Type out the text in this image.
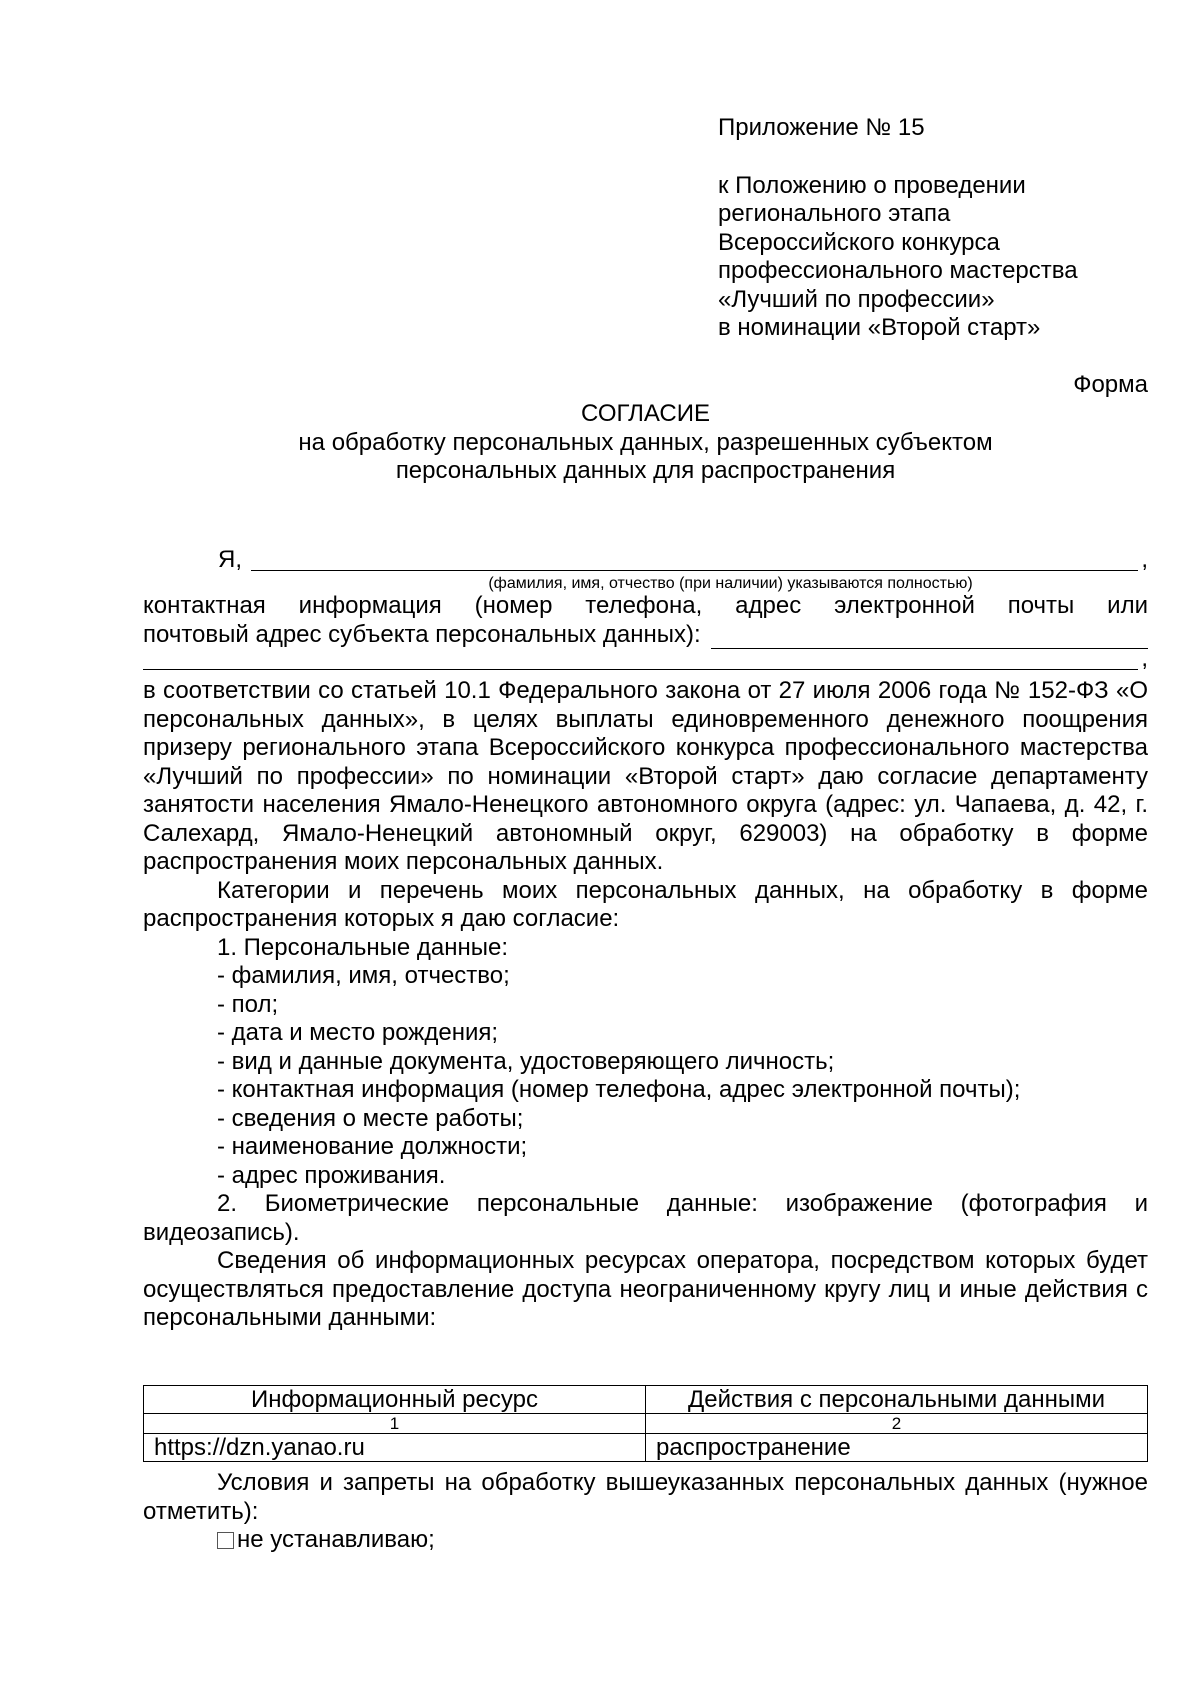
Приложение № 15
к Положению о проведении
регионального этапа
Всероссийского конкурса
профессионального мастерства
«Лучший по профессии»
в номинации «Второй старт»
Форма
СОГЛАСИЕ
на обработку персональных данных, разрешенных субъектом
персональных данных для распространения
Я,	,
(фамилия, имя, отчество (при наличии) указываются полностью)
контактная информация (номер телефона, адрес электронной почты или
почтовый адрес субъекта персональных данных):
,

в соответствии со статьей 10.1 Федерального закона от 27 июля 2006 года № 152-ФЗ «О персональных данных», в целях выплаты единовременного денежного поощрения призеру регионального этапа Всероссийского конкурса профессионального мастерства «Лучший по профессии» по номинации «Второй старт» даю согласие департаменту занятости населения Ямало-Ненецкого автономного округа (адрес: ул. Чапаева, д. 42, г. Салехард, Ямало-Ненецкий автономный округ, 629003) на обработку в форме распространения моих персональных данных.

Категории и перечень моих персональных данных, на обработку в форме распространения которых я даю согласие:

1. Персональные данные:

- фамилия, имя, отчество;

- пол;

- дата и место рождения;

- вид и данные документа, удостоверяющего личность;

- контактная информация (номер телефона, адрес электронной почты);

- сведения о месте работы;

- наименование должности;

- адрес проживания.

2. Биометрические персональные данные: изображение (фотография и видеозапись).

Сведения об информационных ресурсах оператора, посредством которых будет осуществляться предоставление доступа неограниченному кругу лиц и иные действия с персональными данными:

Информационный ресурс	Действия с персональными данными
1	2
https://dzn.yanao.ru	распространение

Условия и запреты на обработку вышеуказанных персональных данных (нужное отметить):

не устанавливаю;
